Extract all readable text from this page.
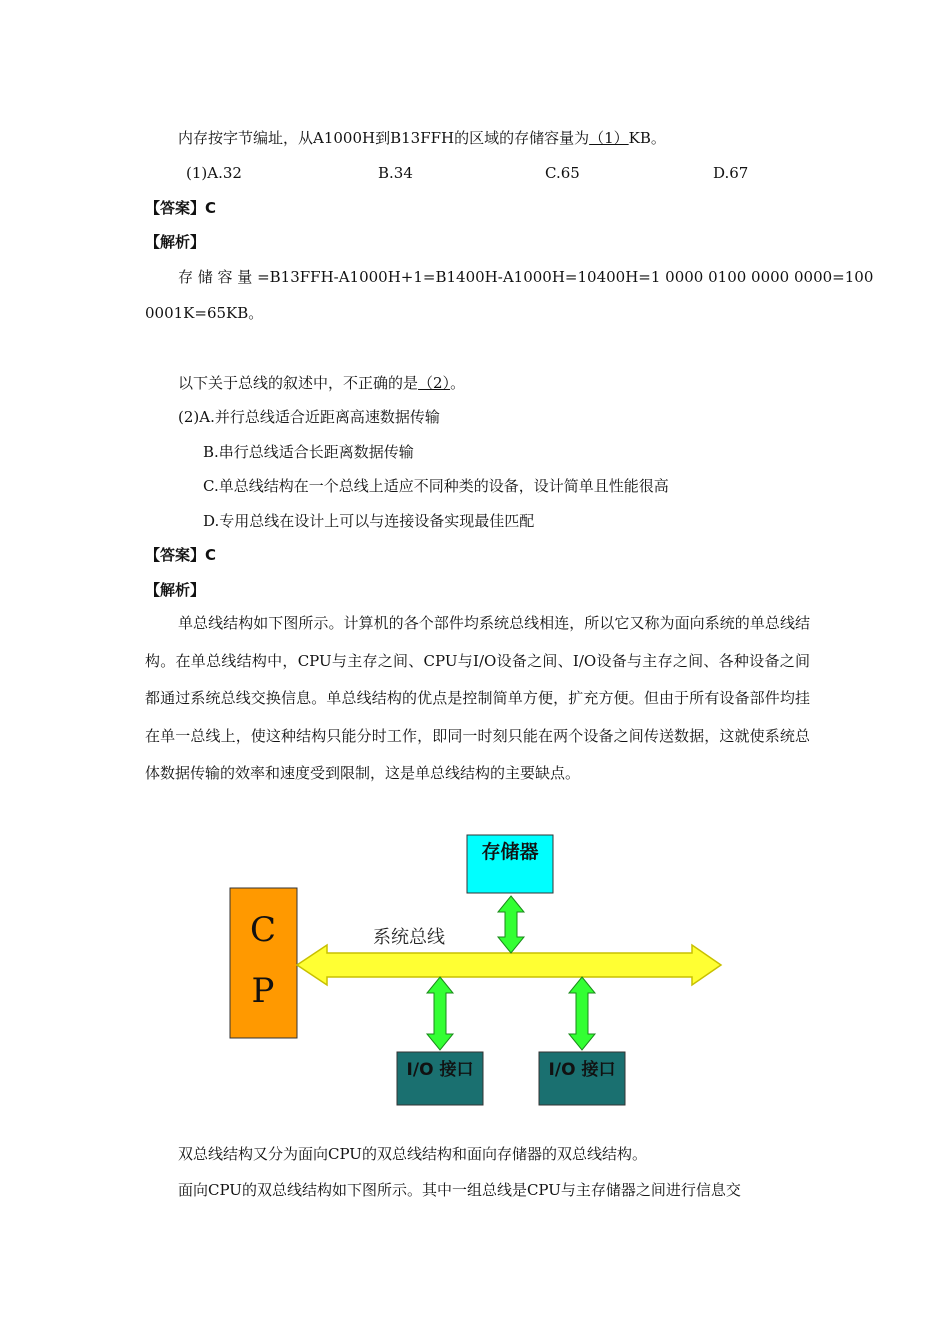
内存按字节编址，从A1000H到B13FFH的区域的存储容量为（1）KB。
(1)A.32	B.34	C.65	D.67
【答案】C
【解析】
存 储 容 量 =B13FFH-A1000H+1=B1400H-A1000H=10400H=1 0000 0100 0000 0000=100
0001K=65KB。
以下关于总线的叙述中，不正确的是（2）。
(2)A.并行总线适合近距离高速数据传输
B.串行总线适合长距离数据传输
C.单总线结构在一个总线上适应不同种类的设备，设计简单且性能很高
D.专用总线在设计上可以与连接设备实现最佳匹配
【答案】C
【解析】
单总线结构如下图所示。计算机的各个部件均系统总线相连，所以它又称为面向系统的单总线结构。在单总线结构中，CPU与主存之间、CPU与I/O设备之间、I/O设备与主存之间、各种设备之间都通过系统总线交换信息。单总线结构的优点是控制简单方便，扩充方便。但由于所有设备部件均挂在单一总线上，使这种结构只能分时工作，即同一时刻只能在两个设备之间传送数据，这就使系统总体数据传输的效率和速度受到限制，这是单总线结构的主要缺点。
C
P
存储器
系统总线
I/O 接口	I/O 接口
双总线结构又分为面向CPU的双总线结构和面向存储器的双总线结构。
面向CPU的双总线结构如下图所示。其中一组总线是CPU与主存储器之间进行信息交
